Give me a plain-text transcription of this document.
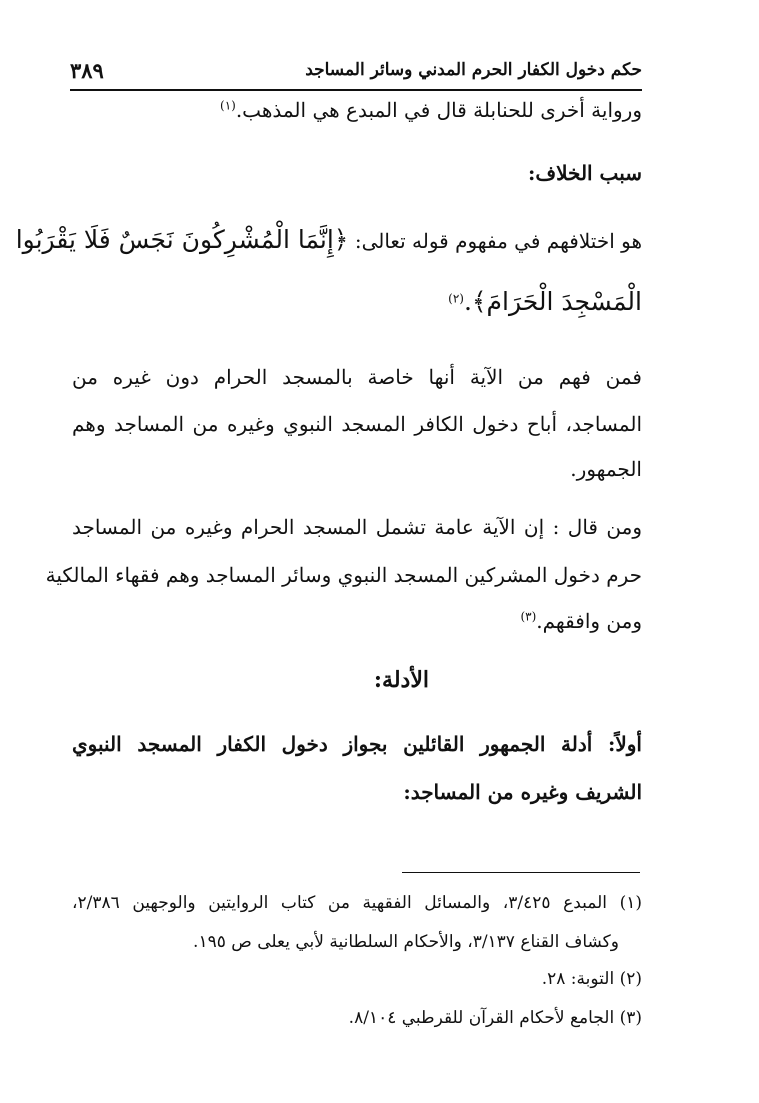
حكم دخول الكفار الحرم المدني وسائر المساجد
٣٨٩
ورواية أخرى للحنابلة قال في المبدع هي المذهب.$^{(١)}$
سبب الخلاف:
هو اختلافهم في مفهوم قوله تعالى: ﴿إِنَّمَا الْمُشْرِكُونَ نَجَسٌ فَلَا يَقْرَبُوا
الْمَسْجِدَ الْحَرَامَ﴾.$^{(٢)}$
فمن فهم من الآية أنها خاصة بالمسجد الحرام دون غيره من
المساجد، أباح دخول الكافر المسجد النبوي وغيره من المساجد وهم
الجمهور.
ومن قال : إن الآية عامة تشمل المسجد الحرام وغيره من المساجد
حرم دخول المشركين المسجد النبوي وسائر المساجد وهم فقهاء المالكية
ومن وافقهم.$^{(٣)}$
الأدلة:
أولاً: أدلة الجمهور القائلين بجواز دخول الكفار المسجد النبوي
الشريف وغيره من المساجد:
(١) المبدع ٣/٤٢٥، والمسائل الفقهية من كتاب الروايتين والوجهين ٢/٣٨٦،
وكشاف القناع ٣/١٣٧، والأحكام السلطانية لأبي يعلى ص ١٩٥.
(٢) التوبة: ٢٨.
(٣) الجامع لأحكام القرآن للقرطبي ٨/١٠٤.
